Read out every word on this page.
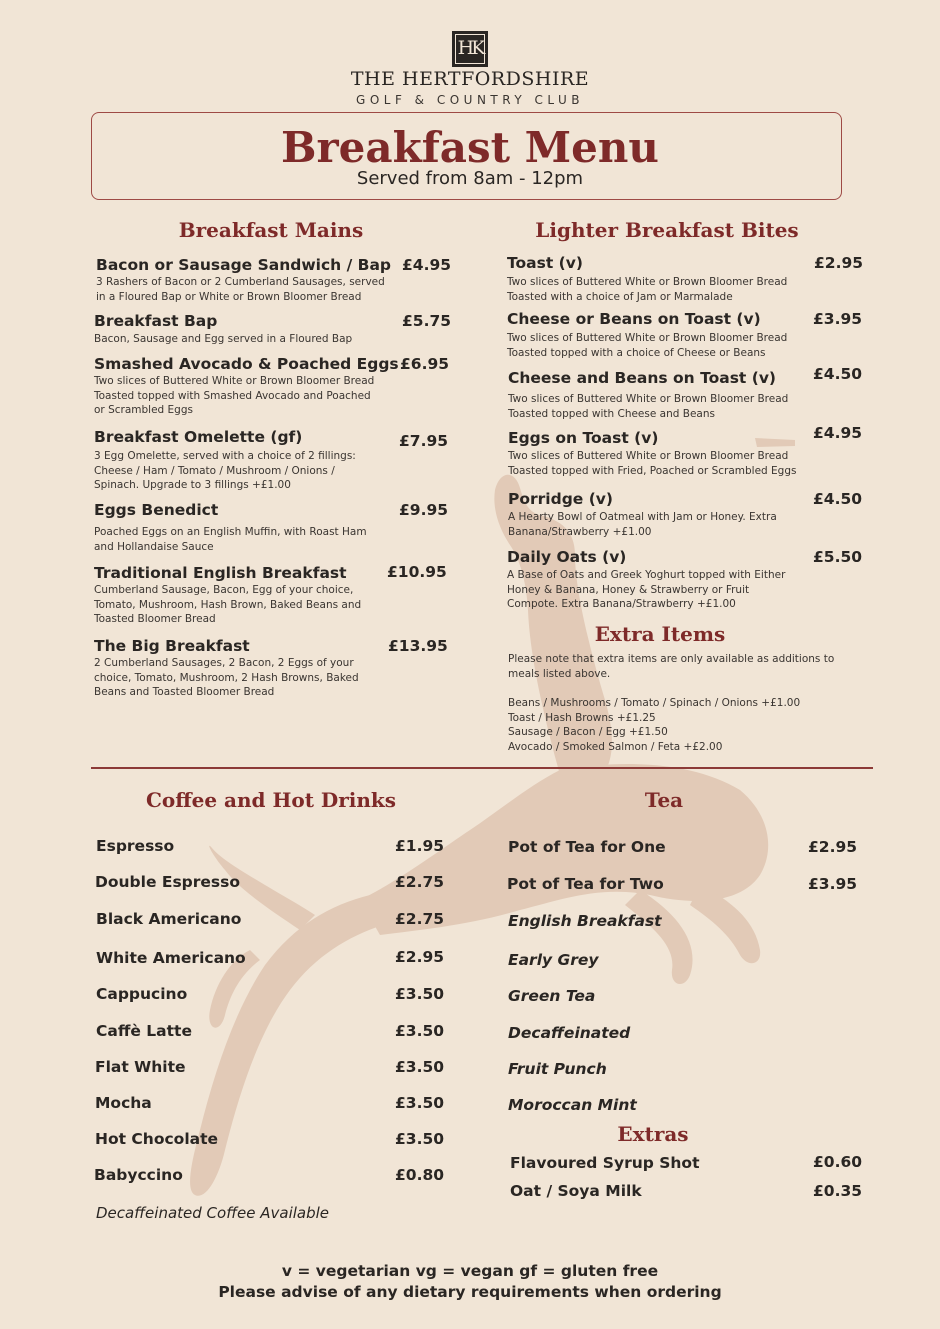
HK
THE HERTFORDSHIRE
GOLF & COUNTRY CLUB
Breakfast Menu
Served from 8am - 12pm
Breakfast Mains
Bacon or Sausage Sandwich / Bap £4.95
3 Rashers of Bacon or 2 Cumberland Sausages, served
in a Floured Bap or White or Brown Bloomer Bread
Breakfast Bap	£5.75
Bacon, Sausage and Egg served in a Floured Bap
Smashed Avocado & Poached Eggs £6.95
Two slices of Buttered White or Brown Bloomer Bread
Toasted topped with Smashed Avocado and Poached
or Scrambled Eggs
Breakfast Omelette (gf)	£7.95
3 Egg Omelette, served with a choice of 2 fillings:
Cheese / Ham / Tomato / Mushroom / Onions /
Spinach. Upgrade to 3 fillings +£1.00
Eggs Benedict	£9.95
Poached Eggs on an English Muffin, with Roast Ham
and Hollandaise Sauce
Traditional English Breakfast	£10.95
Cumberland Sausage, Bacon, Egg of your choice,
Tomato, Mushroom, Hash Brown, Baked Beans and
Toasted Bloomer Bread
The Big Breakfast	£13.95
2 Cumberland Sausages, 2 Bacon, 2 Eggs of your
choice, Tomato, Mushroom, 2 Hash Browns, Baked
Beans and Toasted Bloomer Bread
Lighter Breakfast Bites
Toast (v)	£2.95
Two slices of Buttered White or Brown Bloomer Bread
Toasted with a choice of Jam or Marmalade
Cheese or Beans on Toast (v)	£3.95
Two slices of Buttered White or Brown Bloomer Bread
Toasted topped with a choice of Cheese or Beans
Cheese and Beans on Toast (v) £4.50
Two slices of Buttered White or Brown Bloomer Bread
Toasted topped with Cheese and Beans
Eggs on Toast (v)	£4.95
Two slices of Buttered White or Brown Bloomer Bread
Toasted topped with Fried, Poached or Scrambled Eggs
Porridge (v)	£4.50
A Hearty Bowl of Oatmeal with Jam or Honey. Extra
Banana/Strawberry +£1.00
Daily Oats (v)	£5.50
A Base of Oats and Greek Yoghurt topped with Either
Honey & Banana, Honey & Strawberry or Fruit
Compote. Extra Banana/Strawberry +£1.00
Extra Items
Please note that extra items are only available as additions to
meals listed above.
Beans / Mushrooms / Tomato / Spinach / Onions +£1.00
Toast / Hash Browns +£1.25
Sausage / Bacon / Egg +£1.50
Avocado / Smoked Salmon / Feta +£2.00
Coffee and Hot Drinks
Espresso	£1.95
Double Espresso	£2.75
Black Americano	£2.75
White Americano	£2.95
Cappucino	£3.50
Caffè Latte	£3.50
Flat White	£3.50
Mocha	£3.50
Hot Chocolate	£3.50
Babyccino	£0.80
Decaffeinated Coffee Available
Tea
Pot of Tea for One	£2.95
Pot of Tea for Two	£3.95
English Breakfast
Early Grey
Green Tea
Decaffeinated
Fruit Punch
Moroccan Mint
Extras
Flavoured Syrup Shot	£0.60
Oat / Soya Milk	£0.35
v = vegetarian vg = vegan gf = gluten free
Please advise of any dietary requirements when ordering
